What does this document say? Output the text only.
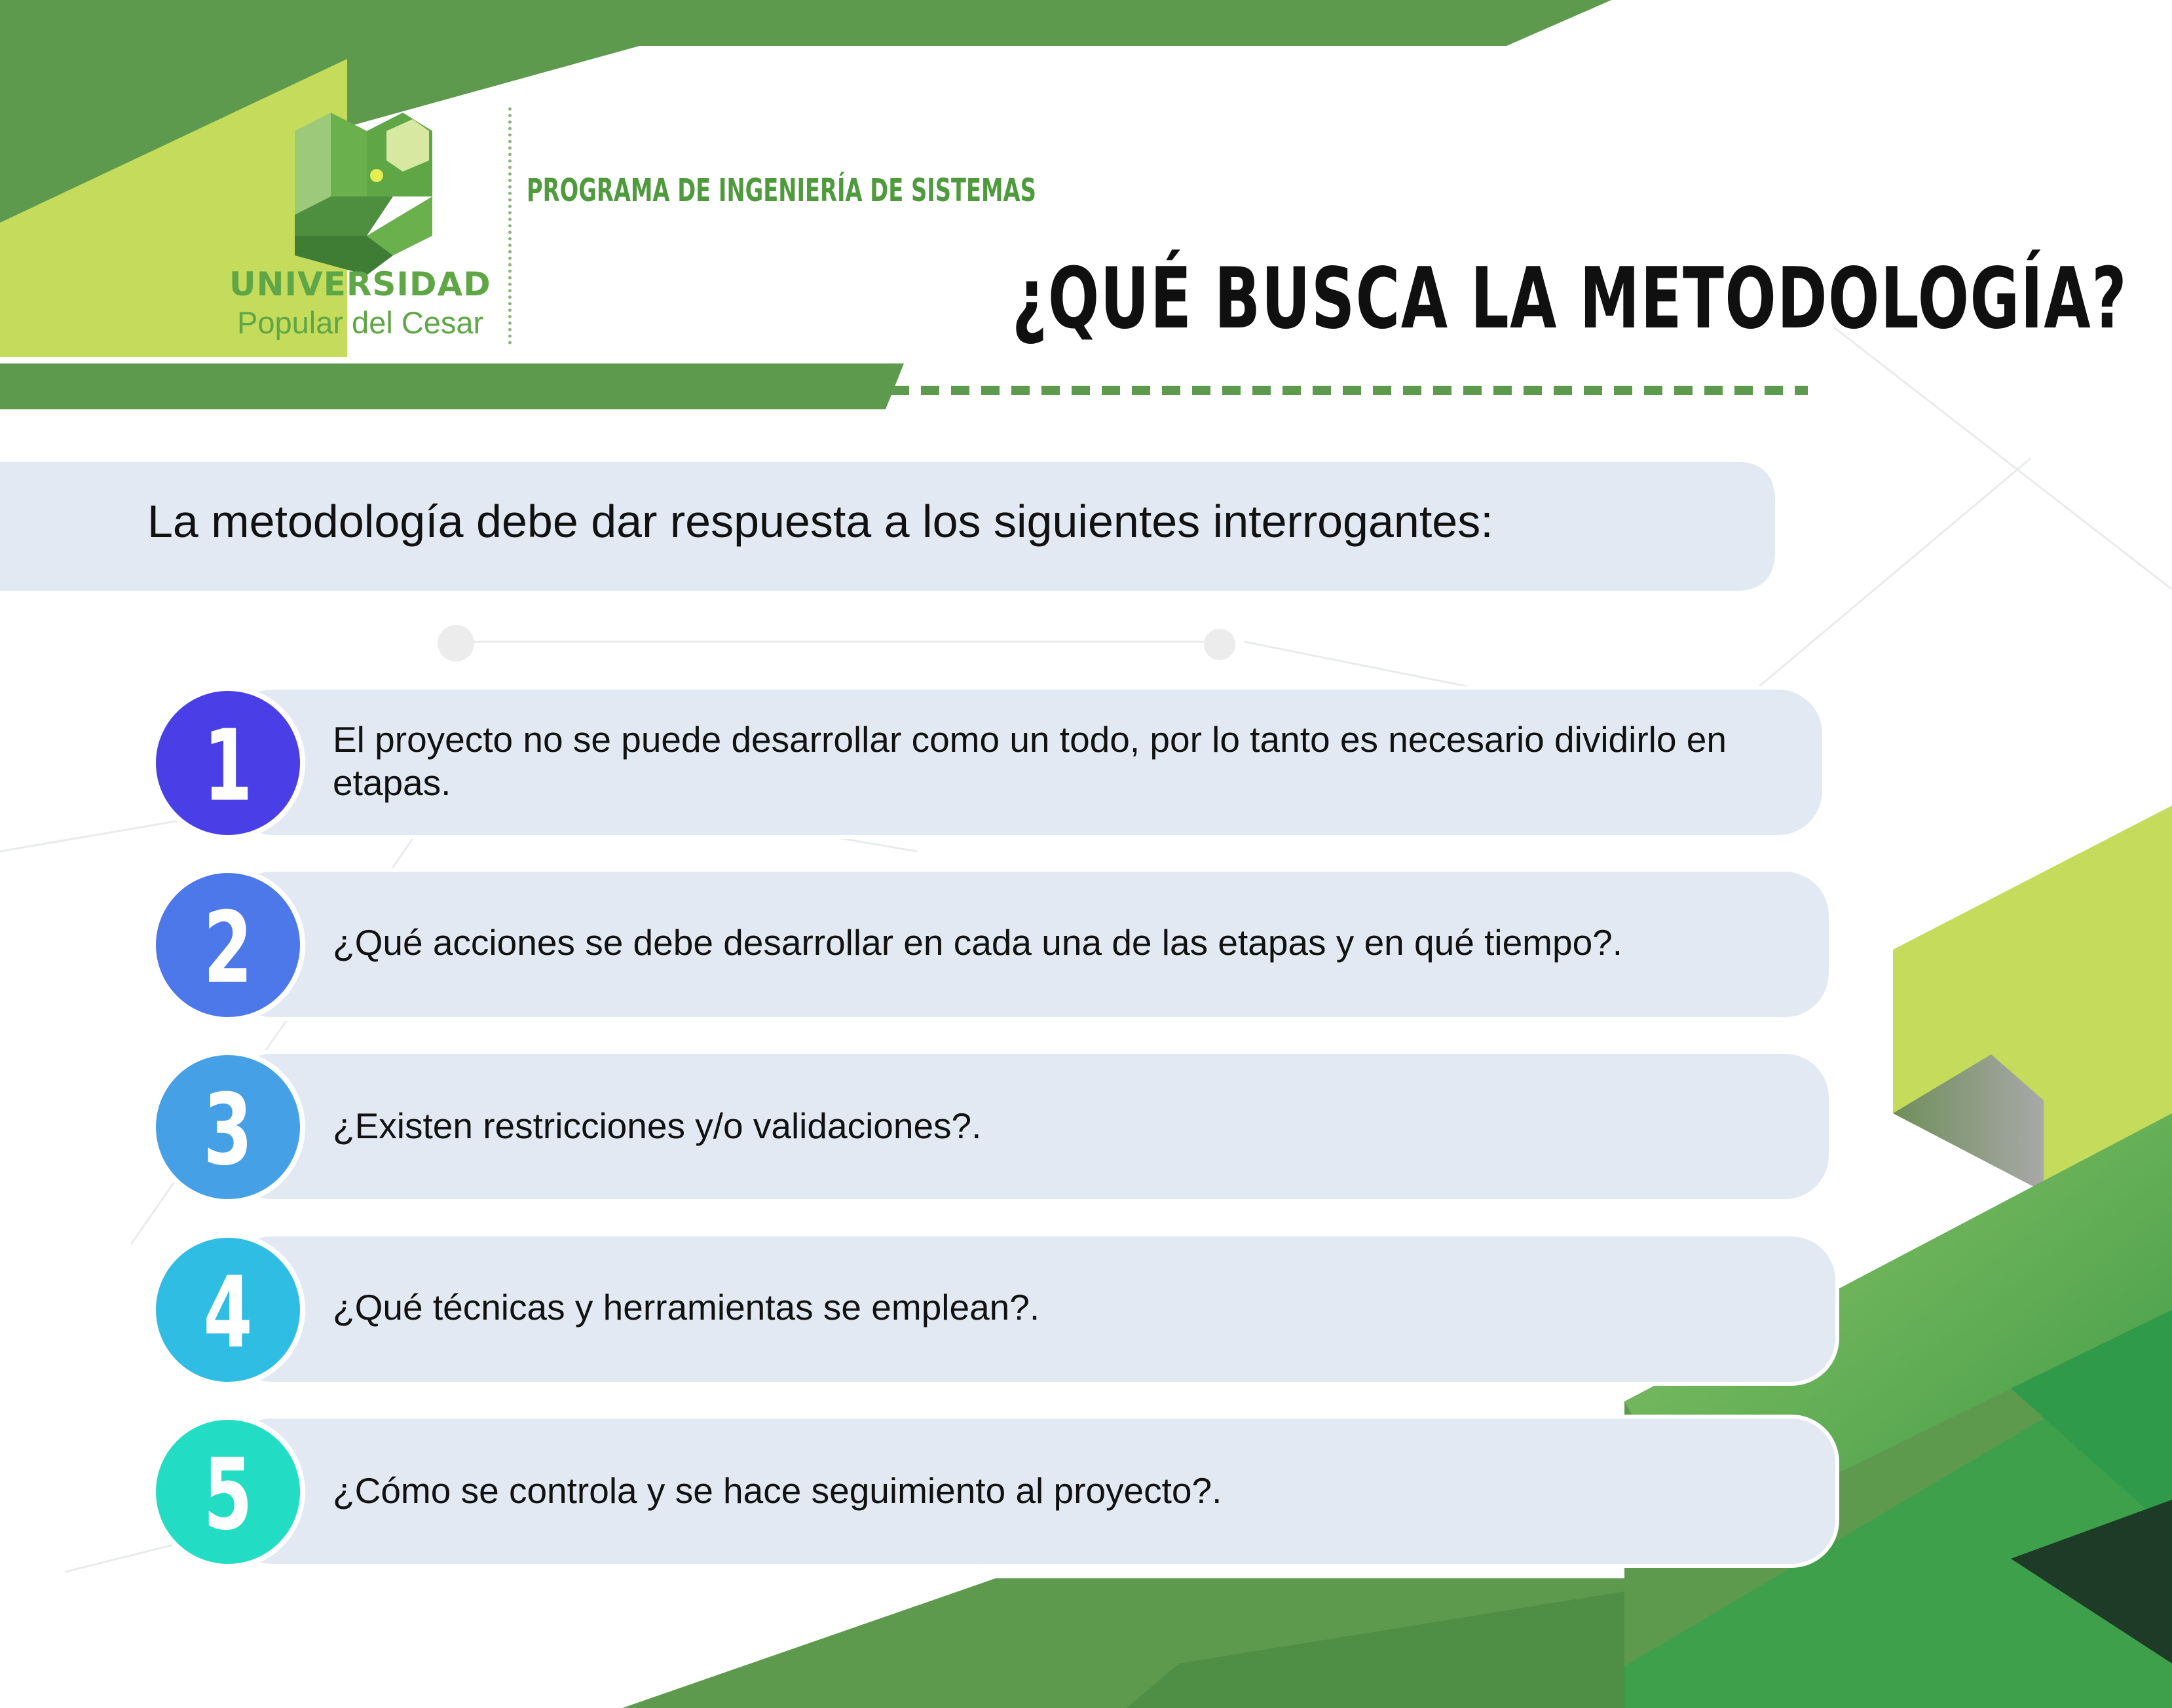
UNIVERSIDAD
Popular del Cesar
PROGRAMA DE INGENIERÍA DE SISTEMAS
¿QUÉ BUSCA LA METODOLOGÍA?
La metodología debe dar respuesta a los siguientes interrogantes:
1	El proyecto no se puede desarrollar como un todo, por lo tanto es necesario dividirlo en etapas.
2	¿Qué acciones se debe desarrollar en cada una de las etapas y en qué tiempo?.
3	¿Existen restricciones y/o validaciones?.
4	¿Qué técnicas y herramientas se emplean?.
5	¿Cómo se controla y se hace seguimiento al proyecto?.
